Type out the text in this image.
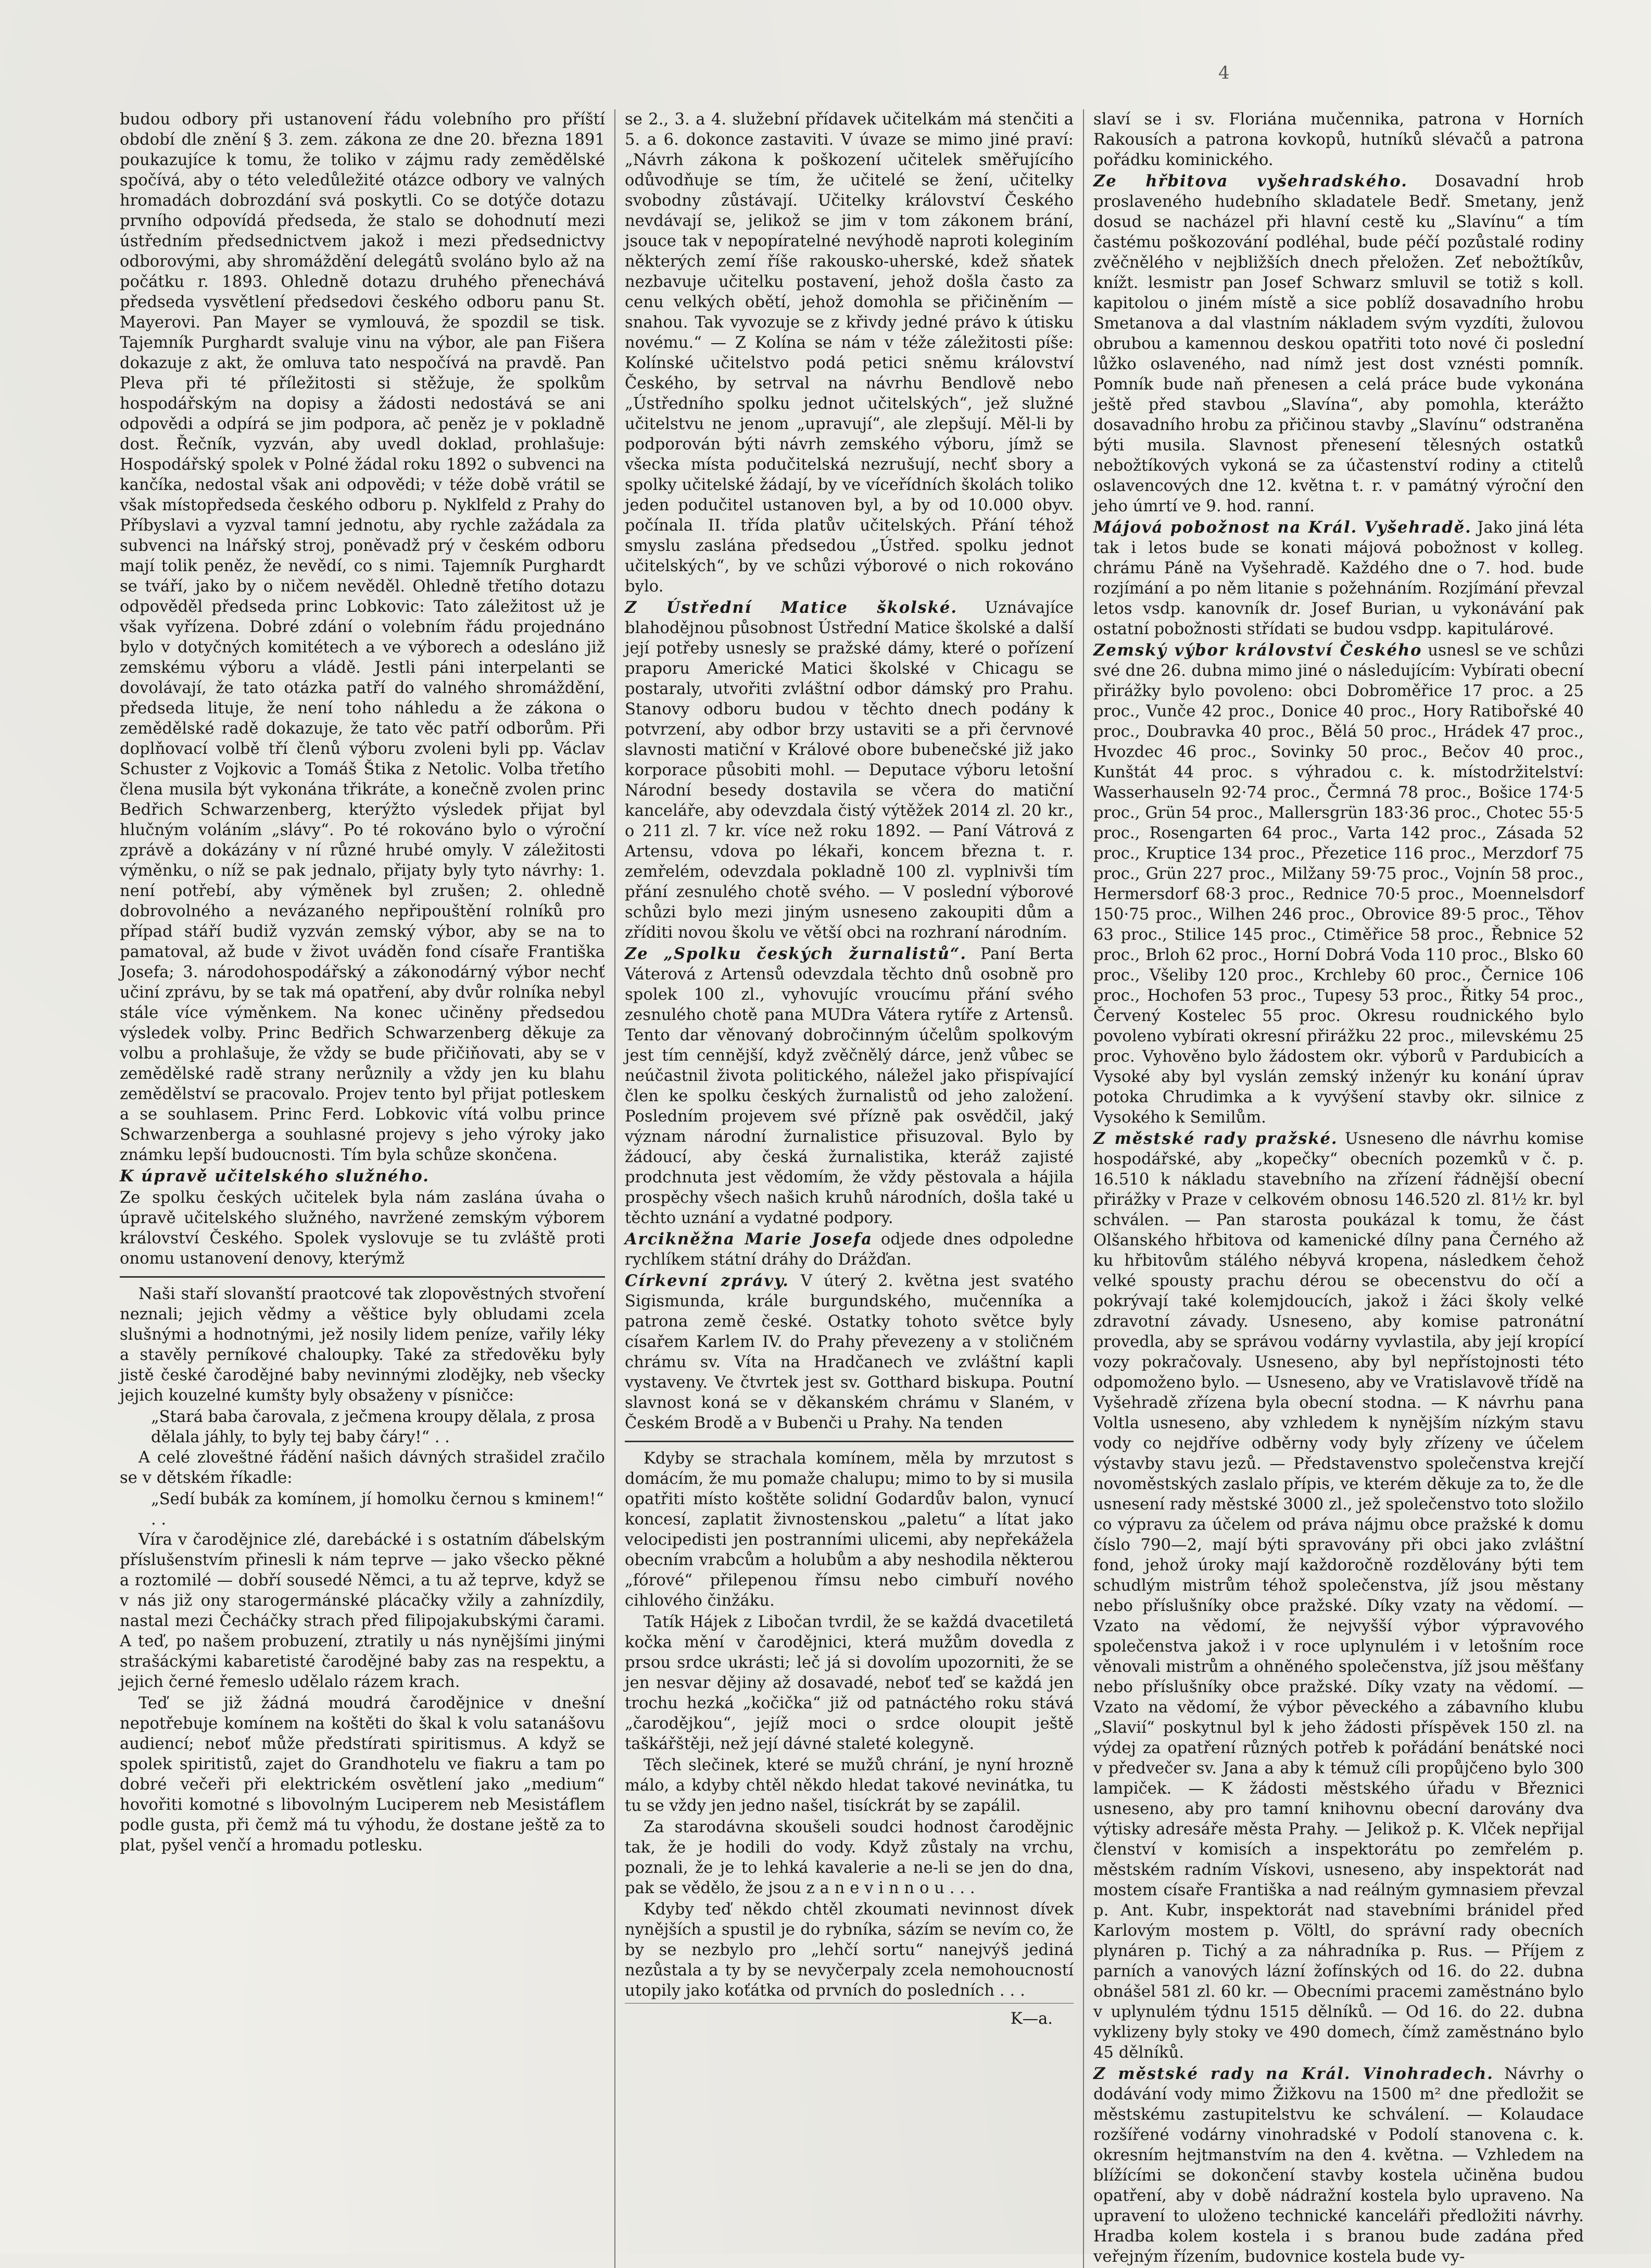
4

budou odbory při ustanovení řádu volebního pro příští období dle znění § 3. zem. zákona ze dne 20. března 1891 poukazujíce k tomu, že toliko v zájmu rady zemědělské spočívá, aby o této veledůležité otázce odbory ve valných hromadách dobrozdání svá poskytli. Co se dotýče dotazu prvního odpovídá předseda, že stalo se dohodnutí mezi ústředním předsednictvem jakož i mezi předsednictvy odborovými, aby shromáždění delegátů svoláno bylo až na počátku r. 1893. Ohledně dotazu druhého přenechává předseda vysvětlení předsedovi českého odboru panu St. Mayerovi. Pan Mayer se vymlouvá, že spozdil se tisk. Tajemník Purghardt svaluje vinu na výbor, ale pan Fišera dokazuje z akt, že omluva tato nespočívá na pravdě. Pan Pleva při té příležitosti si stěžuje, že spolkům hospodářským na dopisy a žádosti nedostává se ani odpovědi a odpírá se jim podpora, ač peněz je v pokladně dost. Řečník, vyzván, aby uvedl doklad, prohlašuje: Hospodářský spolek v Polné žádal roku 1892 o subvenci na kančíka, nedostal však ani odpovědi; v téže době vrátil se však místopředseda českého odboru p. Nyklfeld z Prahy do Příbyslavi a vyzval tamní jednotu, aby rychle zažádala za subvenci na lnářský stroj, poněvadž prý v českém odboru mají tolik peněz, že nevědí, co s nimi. Tajemník Purghardt se tváří, jako by o ničem nevěděl. Ohledně třetího dotazu odpověděl předseda princ Lobkovic: Tato záležitost už je však vyřízena. Dobré zdání o volebním řádu projednáno bylo v dotyčných komitétech a ve výborech a odesláno již zemskému výboru a vládě. Jestli páni interpelanti se dovolávají, že tato otázka patří do valného shromáždění, předseda lituje, že není toho náhledu a že zákona o zemědělské radě dokazuje, že tato věc patří odborům. Při doplňovací volbě tří členů výboru zvoleni byli pp. Václav Schuster z Vojkovic a Tomáš Štika z Netolic. Volba třetího člena musila být vykonána třikráte, a konečně zvolen princ Bedřich Schwarzenberg, kterýžto výsledek přijat byl hlučným voláním „slávy“. Po té rokováno bylo o výroční zprávě a dokázány v ní různé hrubé omyly. V záležitosti výměnku, o níž se pak jednalo, přijaty byly tyto návrhy: 1. není potřebí, aby výměnek byl zrušen; 2. ohledně dobrovolného a nevázaného nepřipouštění rolníků pro případ stáří budiž vyzván zemský výbor, aby se na to pamatoval, až bude v život uváděn fond císaře Františka Josefa; 3. národohospodářský a zákonodárný výbor nechť učiní zprávu, by se tak má opatření, aby dvůr rolníka nebyl stále více výměnkem. Na konec učiněny předsedou výsledek volby. Princ Bedřich Schwarzenberg děkuje za volbu a prohlašuje, že vždy se bude přičiňovati, aby se v zemědělské radě strany nerůznily a vždy jen ku blahu zemědělství se pracovalo. Projev tento byl přijat potleskem a se souhlasem. Princ Ferd. Lobkovic vítá volbu prince Schwarzenberga a souhlasné projevy s jeho výroky jako známku lepší budoucnosti. Tím byla schůze skončena.

K úpravě učitelského služného.

Ze spolku českých učitelek byla nám zaslána úvaha o úpravě učitelského služného, navržené zemským výborem království Českého. Spolek vyslovuje se tu zvláště proti onomu ustanovení denovy, kterýmž

Naši staří slovanští praotcové tak zlopověstných stvoření neznali; jejich vědmy a věštice byly obludami zcela slušnými a hodnotnými, jež nosily lidem peníze, vařily léky a stavěly perníkové chaloupky. Také za středověku byly jistě české čarodějné baby nevinnými zlodějky, neb všecky jejich kouzelné kumšty byly obsaženy v písničce:

„Stará baba čarovala, z ječmena kroupy dělala, z prosa dělala jáhly, to byly tej baby čáry!“ . .

A celé zloveštné řádění našich dávných strašidel zračilo se v dětském říkadle:

„Sedí bubák za komínem, jí homolku černou s kminem!“ . .

Víra v čarodějnice zlé, darebácké i s ostatním ďábelským příslušenstvím přinesli k nám teprve — jako všecko pěkné a roztomilé — dobří sousedé Němci, a tu až teprve, když se v nás již ony starogermánské plácačky vžily a zahnízdily, nastal mezi Čecháčky strach před filipojakubskými čarami. A teď, po našem probuzení, ztratily u nás nynějšími jinými strašáckými kabaretisté čarodějné baby zas na respektu, a jejich černé řemeslo udělalo rázem krach.

Teď se již žádná moudrá čarodějnice v dnešní nepotřebuje komínem na koštěti do škal k volu satanášovu audiencí; neboť může předstírati spiritismus. A když se spolek spiritistů, zajet do Grandhotelu ve fiakru a tam po dobré večeři při elektrickém osvětlení jako „medium“ hovořiti komotné s libovolným Luciperem neb Mesistáflem podle gusta, při čemž má tu výhodu, že dostane ještě za to plat, pyšel venčí a hromadu potlesku.

se 2., 3. a 4. služební přídavek učitelkám má stenčiti a 5. a 6. dokonce zastaviti. V úvaze se mimo jiné praví: „Návrh zákona k poškození učitelek směřujícího odůvodňuje se tím, že učitelé se žení, učitelky svobodny zůstávají. Učitelky království Českého nevdávají se, jelikož se jim v tom zákonem brání, jsouce tak v nepopíratelné nevýhodě naproti koleginím některých zemí říše rakousko-uherské, kdež sňatek nezbavuje učitelku postavení, jehož došla často za cenu velkých obětí, jehož domohla se přičiněním — snahou. Tak vyvozuje se z křivdy jedné právo k útisku novému.“ — Z Kolína se nám v téže záležitosti píše: Kolínské učitelstvo podá petici sněmu království Českého, by setrval na návrhu Bendlově nebo „Ústředního spolku jednot učitelských“, jež služné učitelstvu ne jenom „upravují“, ale zlepšují. Měl-li by podporován býti návrh zemského výboru, jímž se všecka místa podučitelská nezrušují, nechť sbory a spolky učitelské žádají, by ve víceřídních školách toliko jeden podučitel ustanoven byl, a by od 10.000 obyv. počínala II. třída platův učitelských. Přání téhož smyslu zaslána předsedou „Ústřed. spolku jednot učitelských“, by ve schůzi výborové o nich rokováno bylo.

Z Ústřední Matice školské. Uznávajíce blahodějnou působnost Ústřední Matice školské a další její potřeby usnesly se pražské dámy, které o pořízení praporu Americké Matici školské v Chicagu se postaraly, utvořiti zvláštní odbor dámský pro Prahu. Stanovy odboru budou v těchto dnech podány k potvrzení, aby odbor brzy ustaviti se a při červnové slavnosti matiční v Králové obore bubenečské již jako korporace působiti mohl. — Deputace výboru letošní Národní besedy dostavila se včera do matiční kanceláře, aby odevzdala čistý výtěžek 2014 zl. 20 kr., o 211 zl. 7 kr. více než roku 1892. — Paní Vátrová z Artensu, vdova po lékaři, koncem března t. r. zemřelém, odevzdala pokladně 100 zl. vyplnivši tím přání zesnulého chotě svého. — V poslední výborové schůzi bylo mezi jiným usneseno zakoupiti dům a zříditi novou školu ve větší obci na rozhraní národním.

Ze „Spolku českých žurnalistů“. Paní Berta Váterová z Artensů odevzdala těchto dnů osobně pro spolek 100 zl., vyhovujíc vroucímu přání svého zesnulého chotě pana MUDra Vátera rytíře z Artensů. Tento dar věnovaný dobročinným účelům spolkovým jest tím cennější, když zvěčnělý dárce, jenž vůbec se neúčastnil života politického, náležel jako přispívající člen ke spolku českých žurnalistů od jeho založení. Posledním projevem své přízně pak osvědčil, jaký význam národní žurnalistice přisuzoval. Bylo by žádoucí, aby česká žurnalistika, kteráž zajisté prodchnuta jest vědomím, že vždy pěstovala a hájila prospěchy všech našich kruhů národních, došla také u těchto uznání a vydatné podpory.

Arcikněžna Marie Josefa odjede dnes odpoledne rychlíkem státní dráhy do Drážďan.

Církevní zprávy. V úterý 2. května jest svatého Sigismunda, krále burgundského, mučenníka a patrona země české. Ostatky tohoto světce byly císařem Karlem IV. do Prahy převezeny a v stoličném chrámu sv. Víta na Hradčanech ve zvláštní kapli vystaveny. Ve čtvrtek jest sv. Gotthard biskupa. Poutní slavnost koná se v děkanském chrámu v Slaném, v Českém Brodě a v Bubenči u Prahy. Na tenden

Kdyby se strachala komínem, měla by mrzutost s domácím, že mu pomaže chalupu; mimo to by si musila opatřiti místo koštěte solidní Godardův balon, vynucí koncesí, zaplatit živnostenskou „paletu“ a lítat jako velocipedisti jen postranními ulicemi, aby nepřekážela obecním vrabcům a holubům a aby neshodila některou „fórové“ přilepenou římsu nebo cimbuří nového cihlového činžáku.

Tatík Hájek z Libočan tvrdil, že se každá dvacetiletá kočka mění v čarodějnici, která mužům dovedla z prsou srdce ukrásti; leč já si dovolím upozorniti, že se jen nesvar dějiny až dosavadé, neboť teď se každá jen trochu hezká „kočička“ již od patnáctého roku stává „čarodějkou“, jejíž moci o srdce oloupit ještě taškářštěji, než její dávné staleté kolegyně.

Těch slečinek, které se mužů chrání, je nyní hrozně málo, a kdyby chtěl někdo hledat takové nevinátka, tu tu se vždy jen jedno našel, tisíckrát by se zapálil.

Za starodávna skoušeli soudci hodnost čarodějnic tak, že je hodili do vody. Když zůstaly na vrchu, poznali, že je to lehká kavalerie a ne-li se jen do dna, pak se vědělo, že jsou z a n e v i n n o u . . .

Kdyby teď někdo chtěl zkoumati nevinnost dívek nynějších a spustil je do rybníka, sázím se nevím co, že by se nezbylo pro „lehčí sortu“ nanejvýš jediná nezůstala a ty by se nevyčerpaly zcela nemohoucností utopily jako koťátka od prvních do posledních . . .

K—a.

slaví se i sv. Floriána mučennika, patrona v Horních Rakousích a patrona kovkopů, hutníků slévačů a patrona pořádku kominického.

Ze hřbitova vyšehradského. Dosavadní hrob proslaveného hudebního skladatele Bedř. Smetany, jenž dosud se nacházel při hlavní cestě ku „Slavínu“ a tím častému poškozování podléhal, bude péčí pozůstalé rodiny zvěčnělého v nejbližších dnech přeložen. Zeť nebožtíkův, knížt. lesmistr pan Josef Schwarz smluvil se totiž s koll. kapitolou o jiném místě a sice poblíž dosavadního hrobu Smetanova a dal vlastním nákladem svým vyzdíti, žulovou obrubou a kamennou deskou opatřiti toto nové či poslední lůžko oslaveného, nad nímž jest dost vznésti pomník. Pomník bude naň přenesen a celá práce bude vykonána ještě před stavbou „Slavína“, aby pomohla, kterážto dosavadního hrobu za přičinou stavby „Slavínu“ odstraněna býti musila. Slavnost přenesení tělesných ostatků nebožtíkových vykoná se za účastenství rodiny a ctitelů oslavencových dne 12. května t. r. v památný výroční den jeho úmrtí ve 9. hod. ranní.

Májová pobožnost na Král. Vyšehradě. Jako jiná léta tak i letos bude se konati májová pobožnost v kolleg. chrámu Páně na Vyšehradě. Každého dne o 7. hod. bude rozjímání a po něm litanie s požehnáním. Rozjímání převzal letos vsdp. kanovník dr. Josef Burian, u vykonávání pak ostatní pobožnosti střídati se budou vsdpp. kapitulárové.

Zemský výbor království Českého usnesl se ve schůzi své dne 26. dubna mimo jiné o následujícím: Vybírati obecní přirážky bylo povoleno: obci Dobroměřice 17 proc. a 25 proc., Vunče 42 proc., Donice 40 proc., Hory Ratibořské 40 proc., Doubravka 40 proc., Bělá 50 proc., Hrádek 47 proc., Hvozdec 46 proc., Sovinky 50 proc., Bečov 40 proc., Kunštát 44 proc. s výhradou c. k. místodržitelství: Wasserhauseln 92·74 proc., Čermná 78 proc., Bošice 174·5 proc., Grün 54 proc., Mallersgrün 183·36 proc., Chotec 55·5 proc., Rosengarten 64 proc., Varta 142 proc., Zásada 52 proc., Kruptice 134 proc., Přezetice 116 proc., Merzdorf 75 proc., Grün 227 proc., Milžany 59·75 proc., Vojnín 58 proc., Hermersdorf 68·3 proc., Rednice 70·5 proc., Moennelsdorf 150·75 proc., Wilhen 246 proc., Obrovice 89·5 proc., Těhov 63 proc., Stilice 145 proc., Ctiměřice 58 proc., Řebnice 52 proc., Brloh 62 proc., Horní Dobrá Voda 110 proc., Blsko 60 proc., Všeliby 120 proc., Krchleby 60 proc., Černice 106 proc., Hochofen 53 proc., Tupesy 53 proc., Řitky 54 proc., Červený Kostelec 55 proc. Okresu roudnického bylo povoleno vybírati okresní přirážku 22 proc., milevskému 25 proc. Vyhověno bylo žádostem okr. výborů v Pardubicích a Vysoké aby byl vyslán zemský inženýr ku konání úprav potoka Chrudimka a k vyvýšení stavby okr. silnice z Vysokého k Semilům.

Z městské rady pražské. Usneseno dle návrhu komise hospodářské, aby „kopečky“ obecních pozemků v č. p. 16.510 k nákladu stavebního na zřízení řádnější obecní přirážky v Praze v celkovém obnosu 146.520 zl. 81½ kr. byl schválen. — Pan starosta poukázal k tomu, že část Olšanského hřbitova od kamenické dílny pana Černého až ku hřbitovům stálého nébyvá kropena, následkem čehož velké spousty prachu dérou se obecenstvu do očí a pokrývají také kolemjdoucích, jakož i žáci školy velké zdravotní závady. Usneseno, aby komise patronátní provedla, aby se správou vodárny vyvlastila, aby její kropící vozy pokračovaly. Usneseno, aby byl nepřístojnosti této odpomoženo bylo. — Usneseno, aby ve Vratislavově třídě na Vyšehradě zřízena byla obecní stodna. — K návrhu pana Voltla usneseno, aby vzhledem k nynějším nízkým stavu vody co nejdříve odběrny vody byly zřízeny ve účelem výstavby stavu jezů. — Představenstvo společenstva krejčí novoměstských zaslalo přípis, ve kterém děkuje za to, že dle usnesení rady městské 3000 zl., jež společenstvo toto složilo co výpravu za účelem od práva nájmu obce pražské k domu číslo 790—2, mají býti spravovány při obci jako zvláštní fond, jehož úroky mají každoročně rozdělovány býti tem schudlým mistrům téhož společenstva, jíž jsou městany nebo příslušníky obce pražské. Díky vzaty na vědomí. — Vzato na vědomí, že nejvyšší výbor výpravového společenstva jakož i v roce uplynulém i v letošním roce věnovali mistrům a ohněného společenstva, jíž jsou měšťany nebo příslušníky obce pražské. Díky vzaty na vědomí. — Vzato na vědomí, že výbor pěveckého a zábavního klubu „Slavií“ poskytnul byl k jeho žádosti příspěvek 150 zl. na výdej za opatření různých potřeb k pořádání benátské noci v předvečer sv. Jana a aby k témuž cíli propůjčeno bylo 300 lampiček. — K žádosti městského úřadu v Březnici usneseno, aby pro tamní knihovnu obecní darovány dva výtisky adresáře města Prahy. — Jelikož p. K. Vlček nepřijal členství v komisích a inspektorátu po zemřelém p. městském radním Vískovi, usneseno, aby inspektorát nad mostem císaře Františka a nad reálným gymnasiem převzal p. Ant. Kubr, inspektorát nad stavebními bránidel před Karlovým mostem p. Völtl, do správní rady obecních plynáren p. Tichý a za náhradníka p. Rus. — Příjem z parních a vanových lázní žofínských od 16. do 22. dubna obnášel 581 zl. 60 kr. — Obecními pracemi zaměstnáno bylo v uplynulém týdnu 1515 dělníků. — Od 16. do 22. dubna vyklizeny byly stoky ve 490 domech, čímž zaměstnáno bylo 45 dělníků.

Z městské rady na Král. Vinohradech. Návrhy o dodávání vody mimo Žižkovu na 1500 m² dne předložit se městskému zastupitelstvu ke schválení. — Kolaudace rozšířené vodárny vinohradské v Podolí stanovena c. k. okresním hejtmanstvím na den 4. května. — Vzhledem na blížícími se dokončení stavby kostela učiněna budou opatření, aby v době nádražní kostela bylo upraveno. Na upravení to uloženo technické kanceláři předložiti návrhy. Hradba kolem kostela i s branou bude zadána před veřejným řízením, budovnice kostela bude vy-
